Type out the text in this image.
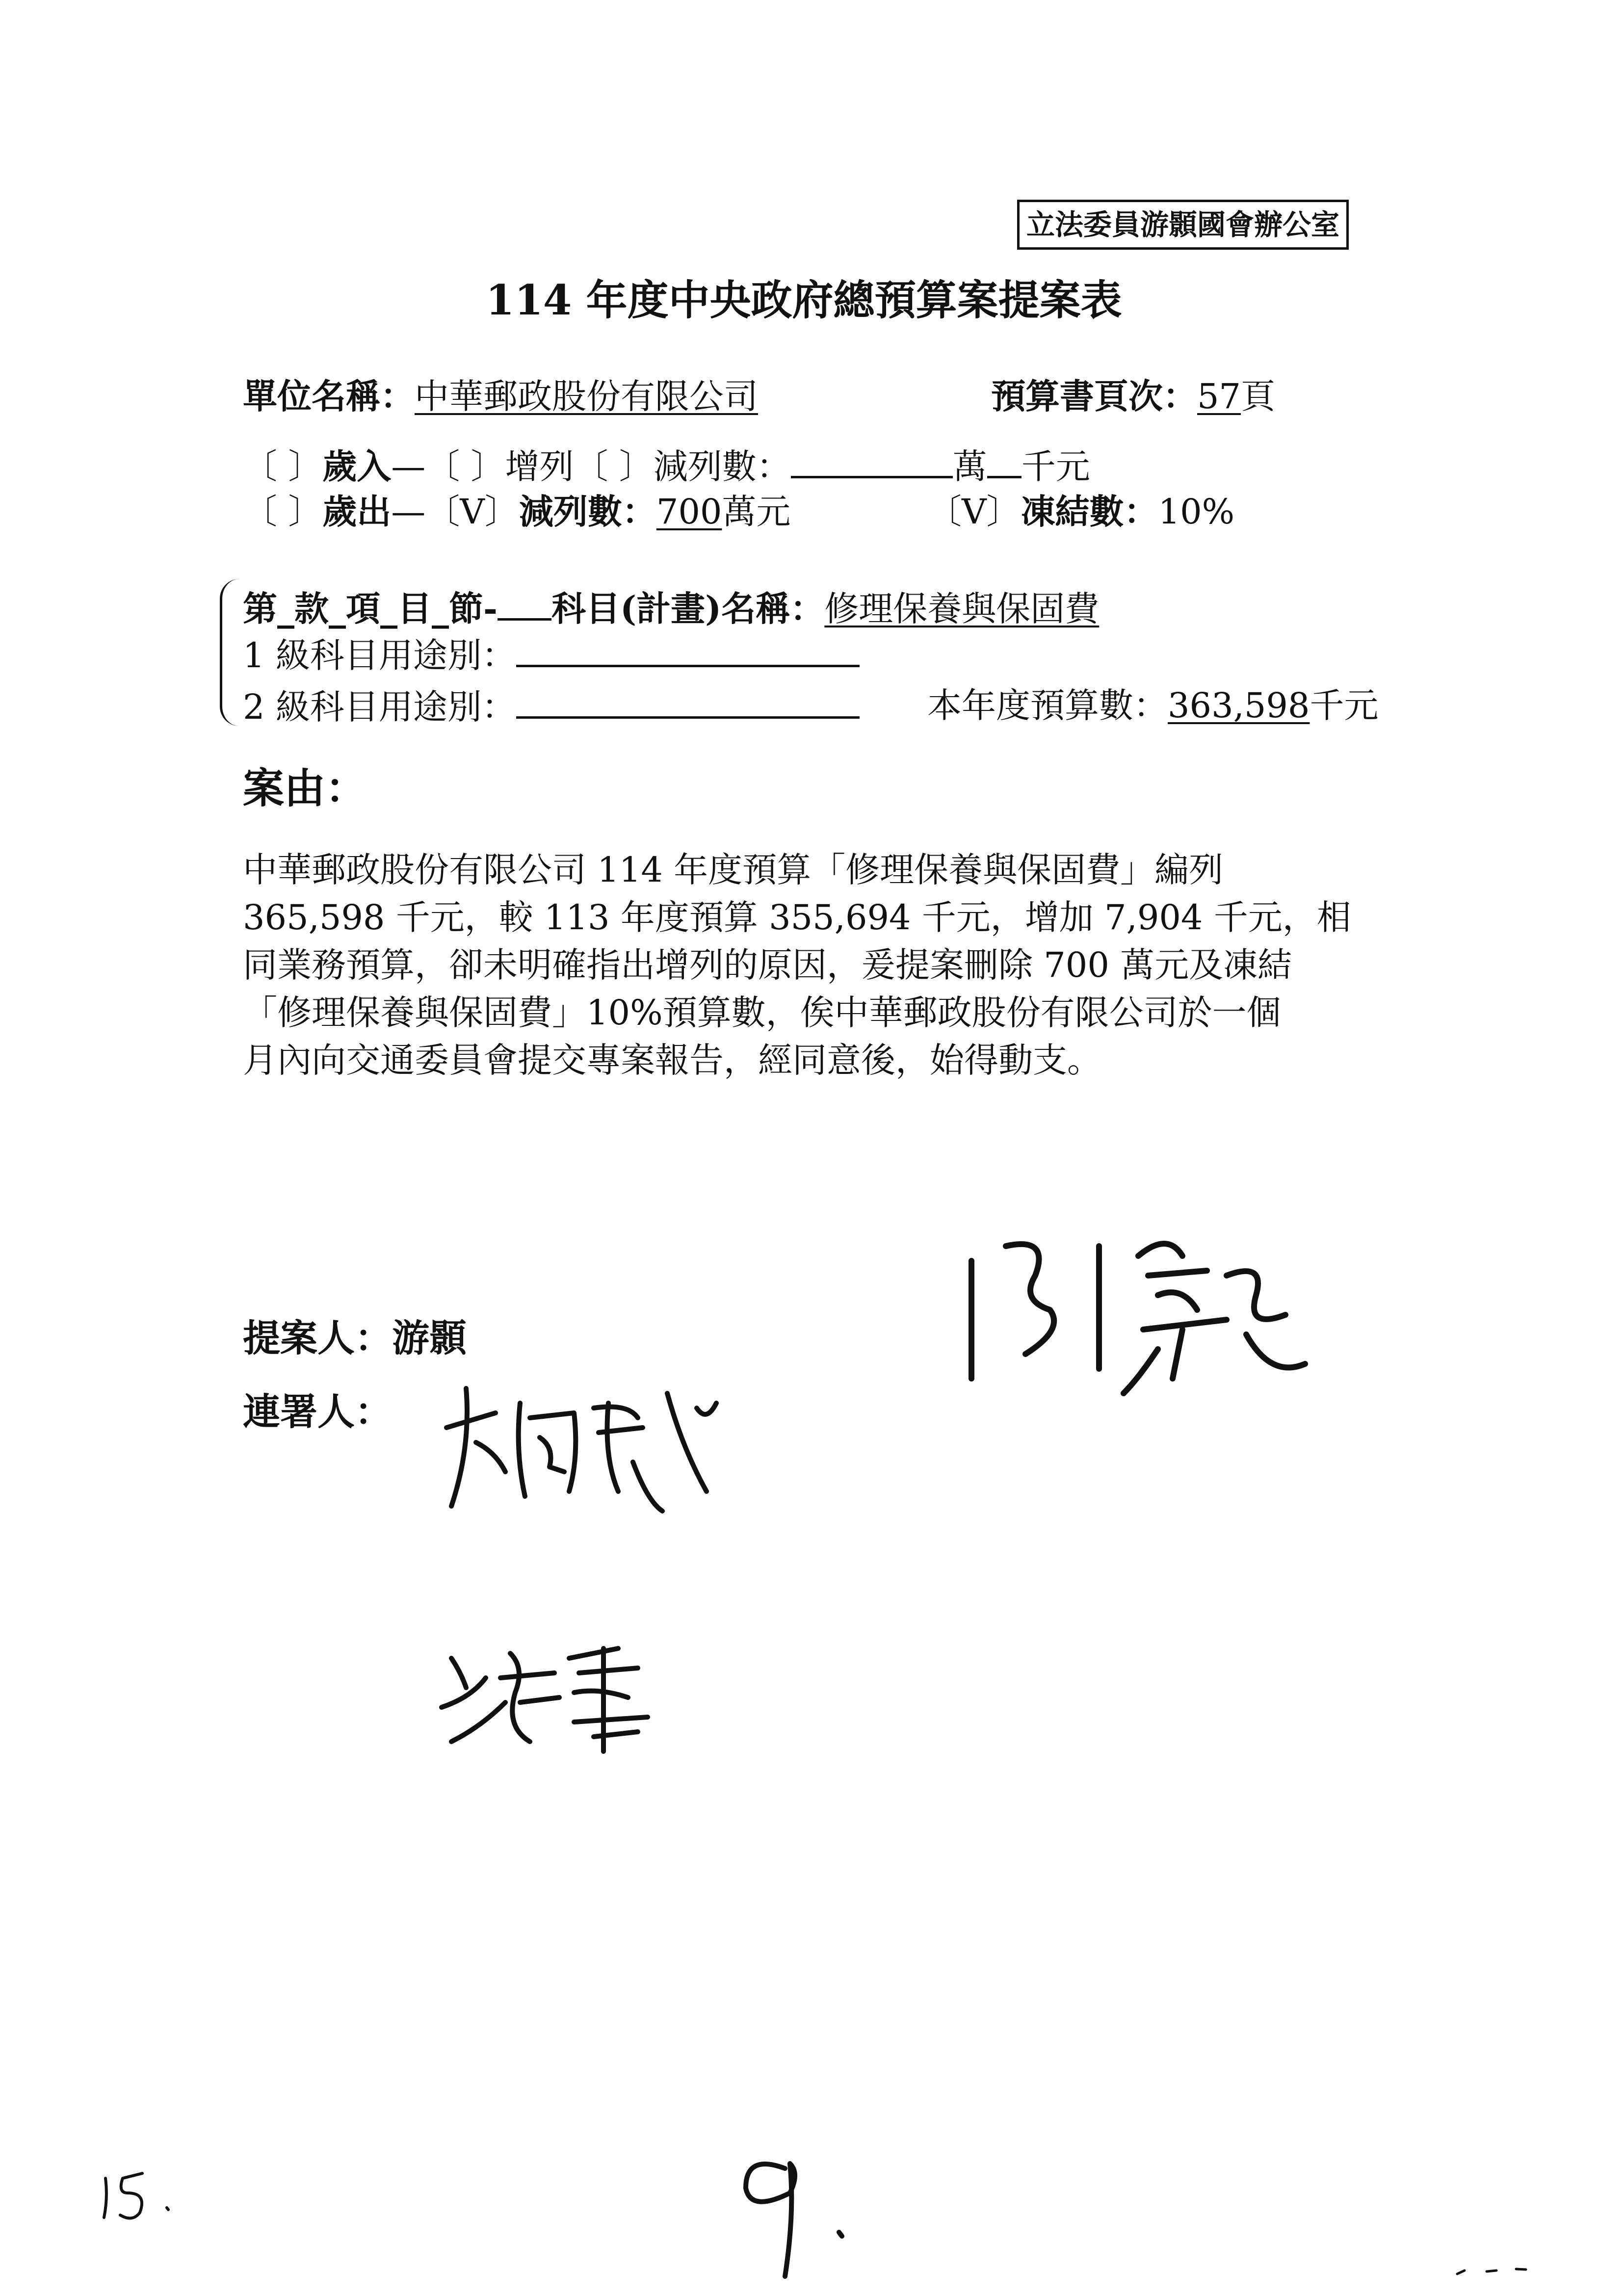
立法委員游顥國會辦公室
114 年度中央政府總預算案提案表
單位名稱：中華郵政股份有限公司	預算書頁次：57頁
〔 〕歲入—〔 〕增列〔 〕減列數：	萬 千元
〔 〕歲出—〔V〕減列數：700萬元	〔V〕凍結數：10%
第_款_項_目_節- 科目(計畫)名稱：修理保養與保固費
1 級科目用途別：
2 級科目用途別：	本年度預算數：363,598千元
案由：
中華郵政股份有限公司 114 年度預算「修理保養與保固費」編列
365,598 千元，較 113 年度預算 355,694 千元，增加 7,904 千元，相
同業務預算，卻未明確指出增列的原因，爰提案刪除 700 萬元及凍結
「修理保養與保固費」10%預算數，俟中華郵政股份有限公司於一個
月內向交通委員會提交專案報告，經同意後，始得動支。
提案人：游顥
連署人：
